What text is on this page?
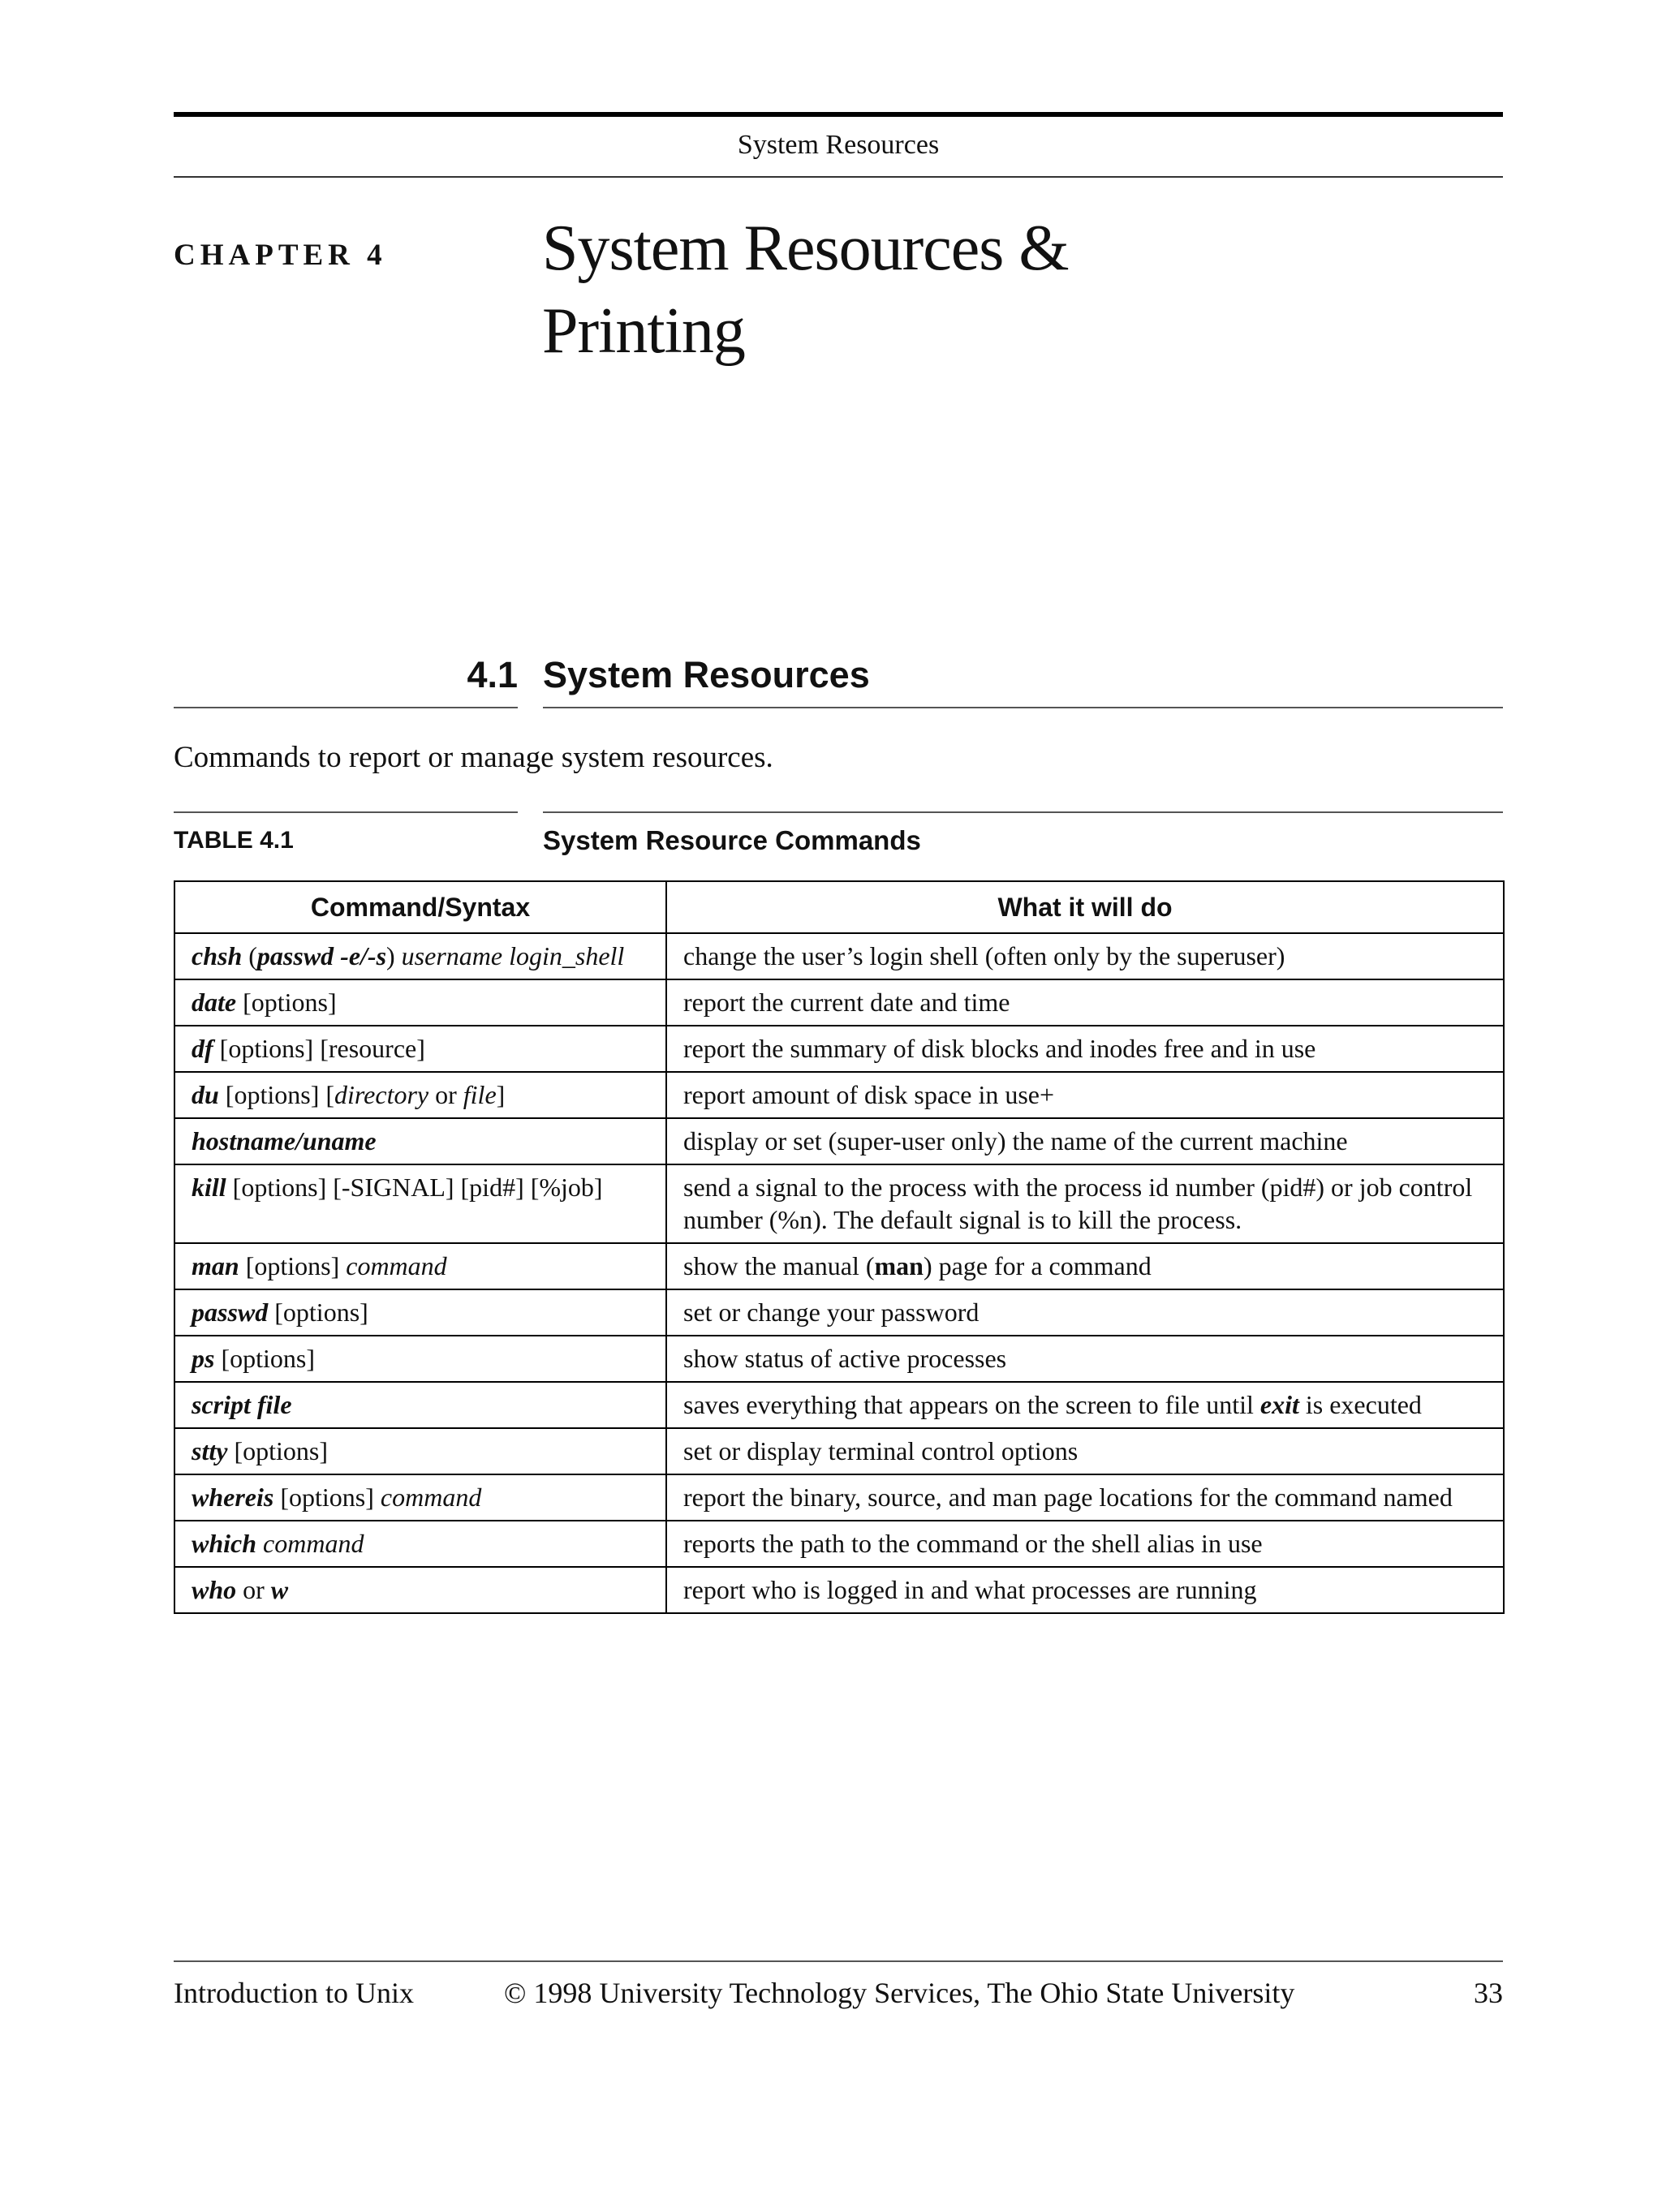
System Resources
CHAPTER 4 System Resources &
Printing
4.1 System Resources
Commands to report or manage system resources.
TABLE 4.1	System Resource Commands
Command/Syntax	What it will do
chsh (passwd -e/-s) username login_shell	change the user’s login shell (often only by the superuser)
date [options]	report the current date and time
df [options] [resource]	report the summary of disk blocks and inodes free and in use
du [options] [directory or file]	report amount of disk space in use+
hostname/uname	display or set (super-user only) the name of the current machine
kill [options] [-SIGNAL] [pid#] [%job]	send a signal to the process with the process id number (pid#) or job control number (%n). The default signal is to kill the process.
man [options] command	show the manual (man) page for a command
passwd [options]	set or change your password
ps [options]	show status of active processes
script file	saves everything that appears on the screen to file until exit is executed
stty [options]	set or display terminal control options
whereis [options] command	report the binary, source, and man page locations for the command named
which command	reports the path to the command or the shell alias in use
who or w	report who is logged in and what processes are running
Introduction to Unix	© 1998 University Technology Services, The Ohio State University	33
